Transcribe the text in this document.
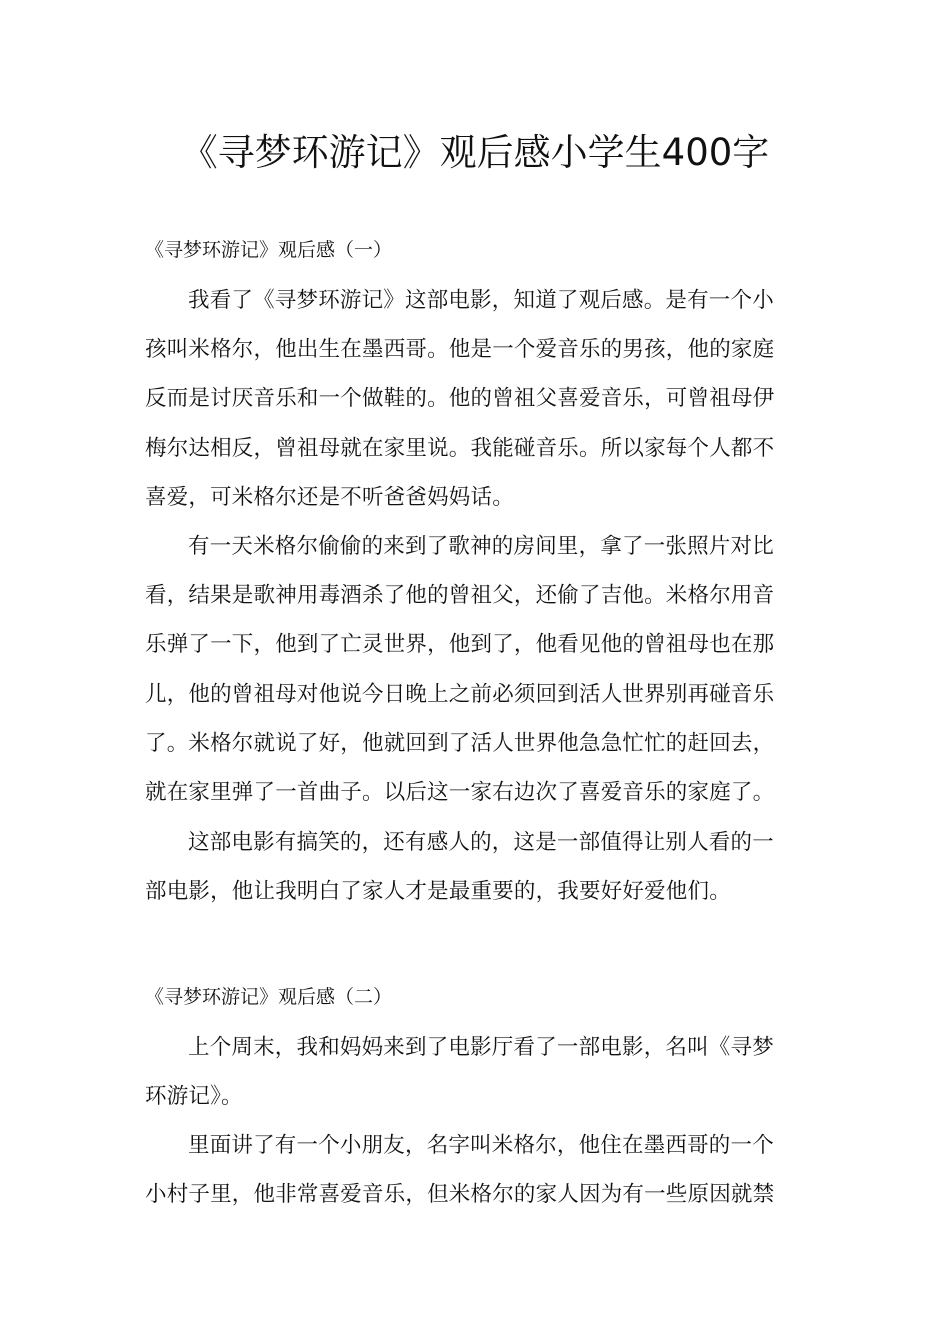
《寻梦环游记》观后感小学生400字
《寻梦环游记》观后感（一）
我看了《寻梦环游记》这部电影，知道了观后感。是有一个小
孩叫米格尔，他出生在墨西哥。他是一个爱音乐的男孩，他的家庭
反而是讨厌音乐和一个做鞋的。他的曾祖父喜爱音乐，可曾祖母伊
梅尔达相反，曾祖母就在家里说。我能碰音乐。所以家每个人都不
喜爱，可米格尔还是不听爸爸妈妈话。
有一天米格尔偷偷的来到了歌神的房间里，拿了一张照片对比
看，结果是歌神用毒酒杀了他的曾祖父，还偷了吉他。米格尔用音
乐弹了一下，他到了亡灵世界，他到了，他看见他的曾祖母也在那
儿，他的曾祖母对他说今日晚上之前必须回到活人世界别再碰音乐
了。米格尔就说了好，他就回到了活人世界他急急忙忙的赶回去，
就在家里弹了一首曲子。以后这一家右边次了喜爱音乐的家庭了。
这部电影有搞笑的，还有感人的，这是一部值得让别人看的一
部电影，他让我明白了家人才是最重要的，我要好好爱他们。
《寻梦环游记》观后感（二）
上个周末，我和妈妈来到了电影厅看了一部电影，名叫《寻梦
环游记》。
里面讲了有一个小朋友，名字叫米格尔，他住在墨西哥的一个
小村子里，他非常喜爱音乐，但米格尔的家人因为有一些原因就禁
